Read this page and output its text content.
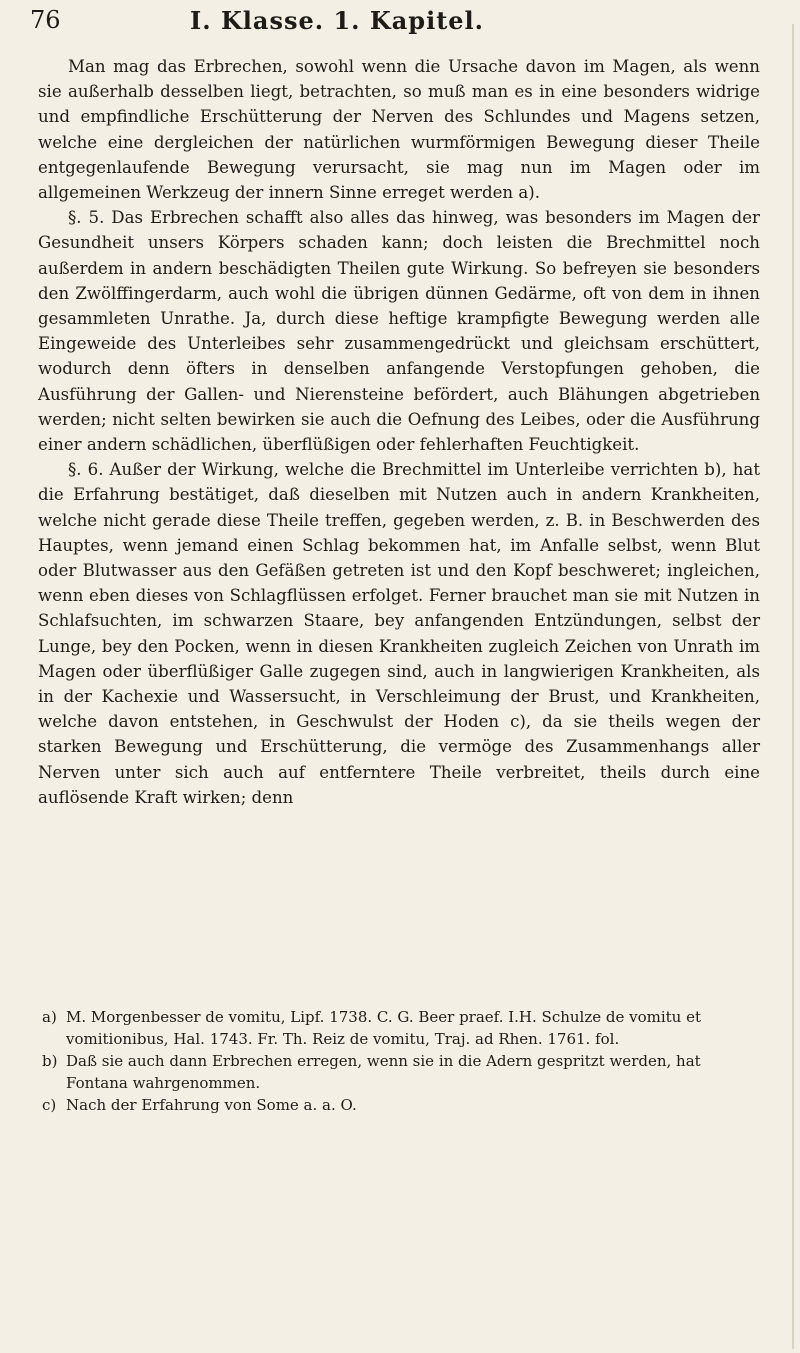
76	I. Klasse. 1. Kapitel.

Man mag das Erbrechen, sowohl wenn die Ursache davon im Magen, als wenn sie außerhalb desselben liegt, betrachten, so muß man es in eine besonders widrige und empfindliche Erschütterung der Nerven des Schlundes und Magens setzen, welche eine dergleichen der natürlichen wurmförmigen Bewegung dieser Theile entgegenlaufende Bewegung verursacht, sie mag nun im Magen oder im allgemeinen Werkzeug der innern Sinne erreget werden a).

§. 5. Das Erbrechen schafft also alles das hinweg, was besonders im Magen der Gesundheit unsers Körpers schaden kann; doch leisten die Brechmittel noch außerdem in andern beschädigten Theilen gute Wirkung. So befreyen sie besonders den Zwölffingerdarm, auch wohl die übrigen dünnen Gedärme, oft von dem in ihnen gesammleten Unrathe. Ja, durch diese heftige krampfigte Bewegung werden alle Eingeweide des Unterleibes sehr zusammengedrückt und gleichsam erschüttert, wodurch denn öfters in denselben anfangende Verstopfungen gehoben, die Ausführung der Gallen- und Nierensteine befördert, auch Blähungen abgetrieben werden; nicht selten bewirken sie auch die Oefnung des Leibes, oder die Ausführung einer andern schädlichen, überflüßigen oder fehlerhaften Feuchtigkeit.

§. 6. Außer der Wirkung, welche die Brechmittel im Unterleibe verrichten b), hat die Erfahrung bestätiget, daß dieselben mit Nutzen auch in andern Krankheiten, welche nicht gerade diese Theile treffen, gegeben werden, z. B. in Beschwerden des Hauptes, wenn jemand einen Schlag bekommen hat, im Anfalle selbst, wenn Blut oder Blutwasser aus den Gefäßen getreten ist und den Kopf beschweret; ingleichen, wenn eben dieses von Schlagflüssen erfolget. Ferner brauchet man sie mit Nutzen in Schlafsuchten, im schwarzen Staare, bey anfangenden Entzündungen, selbst der Lunge, bey den Pocken, wenn in diesen Krankheiten zugleich Zeichen von Unrath im Magen oder überflüßiger Galle zugegen sind, auch in langwierigen Krankheiten, als in der Kachexie und Wassersucht, in Verschleimung der Brust, und Krankheiten, welche davon entstehen, in Geschwulst der Hoden c), da sie theils wegen der starken Bewegung und Erschütterung, die vermöge des Zusammenhangs aller Nerven unter sich auch auf entferntere Theile verbreitet, theils durch eine auflösende Kraft wirken; denn

a) M. Morgenbesser de vomitu, Lipf. 1738. C. G. Beer praef. I.H. Schulze de vomitu et vomitionibus, Hal. 1743. Fr. Th. Reiz de vomitu, Traj. ad Rhen. 1761. fol.
b) Daß sie auch dann Erbrechen erregen, wenn sie in die Adern gespritzt werden, hat Fontana wahrgenommen.
c) Nach der Erfahrung von Some a. a. O.
